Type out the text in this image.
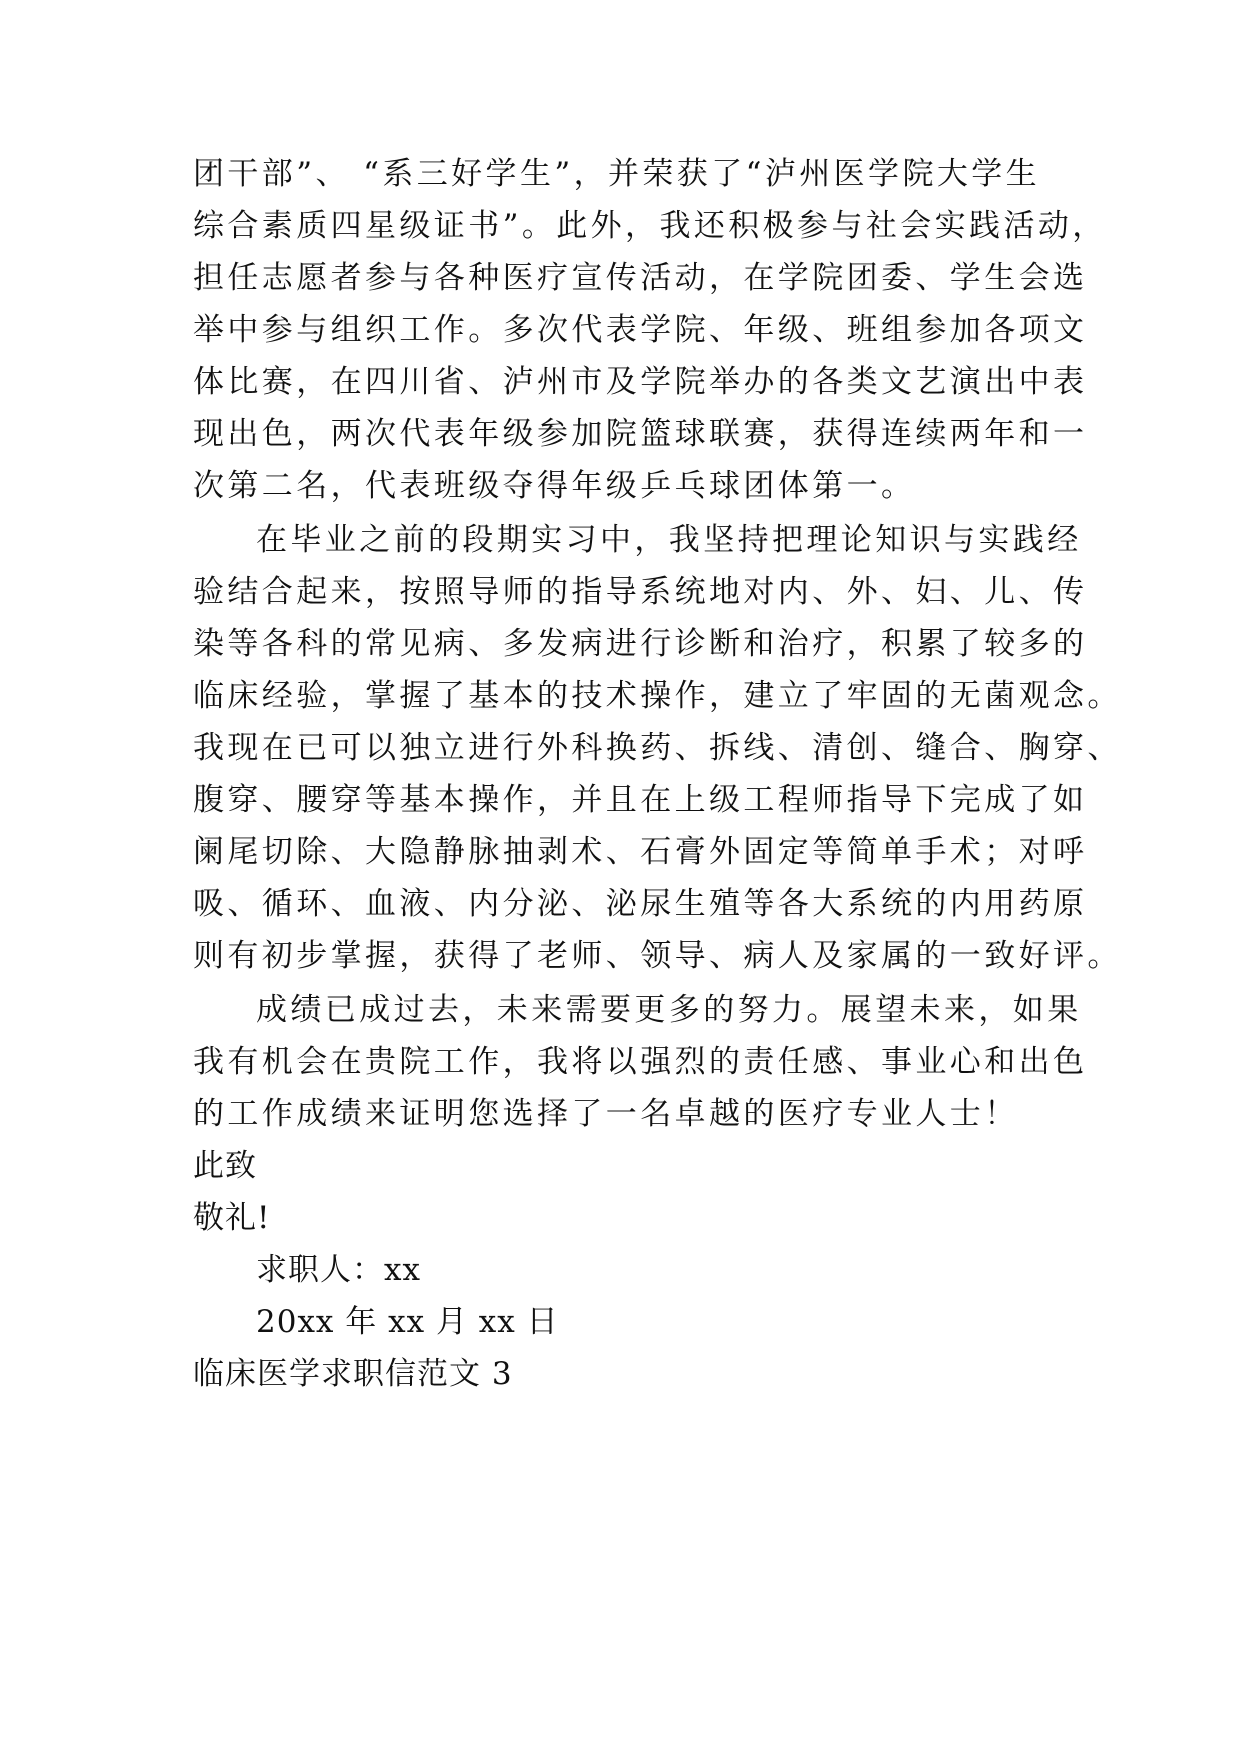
团干部”、 “系三好学生”，并荣获了“泸州医学院大学生
综合素质四星级证书”。此外，我还积极参与社会实践活动，
担任志愿者参与各种医疗宣传活动，在学院团委、学生会选
举中参与组织工作。多次代表学院、年级、班组参加各项文
体比赛，在四川省、泸州市及学院举办的各类文艺演出中表
现出色，两次代表年级参加院篮球联赛，获得连续两年和一
次第二名，代表班级夺得年级乒乓球团体第一。
在毕业之前的段期实习中，我坚持把理论知识与实践经
验结合起来，按照导师的指导系统地对内、外、妇、儿、传
染等各科的常见病、多发病进行诊断和治疗，积累了较多的
临床经验，掌握了基本的技术操作，建立了牢固的无菌观念。
我现在已可以独立进行外科换药、拆线、清创、缝合、胸穿、
腹穿、腰穿等基本操作，并且在上级工程师指导下完成了如
阑尾切除、大隐静脉抽剥术、石膏外固定等简单手术；对呼
吸、循环、血液、内分泌、泌尿生殖等各大系统的内用药原
则有初步掌握，获得了老师、领导、病人及家属的一致好评。
成绩已成过去，未来需要更多的努力。展望未来，如果
我有机会在贵院工作，我将以强烈的责任感、事业心和出色
的工作成绩来证明您选择了一名卓越的医疗专业人士！
此致
敬礼!
求职人：xx
20xx 年 xx 月 xx 日
临床医学求职信范文 3
